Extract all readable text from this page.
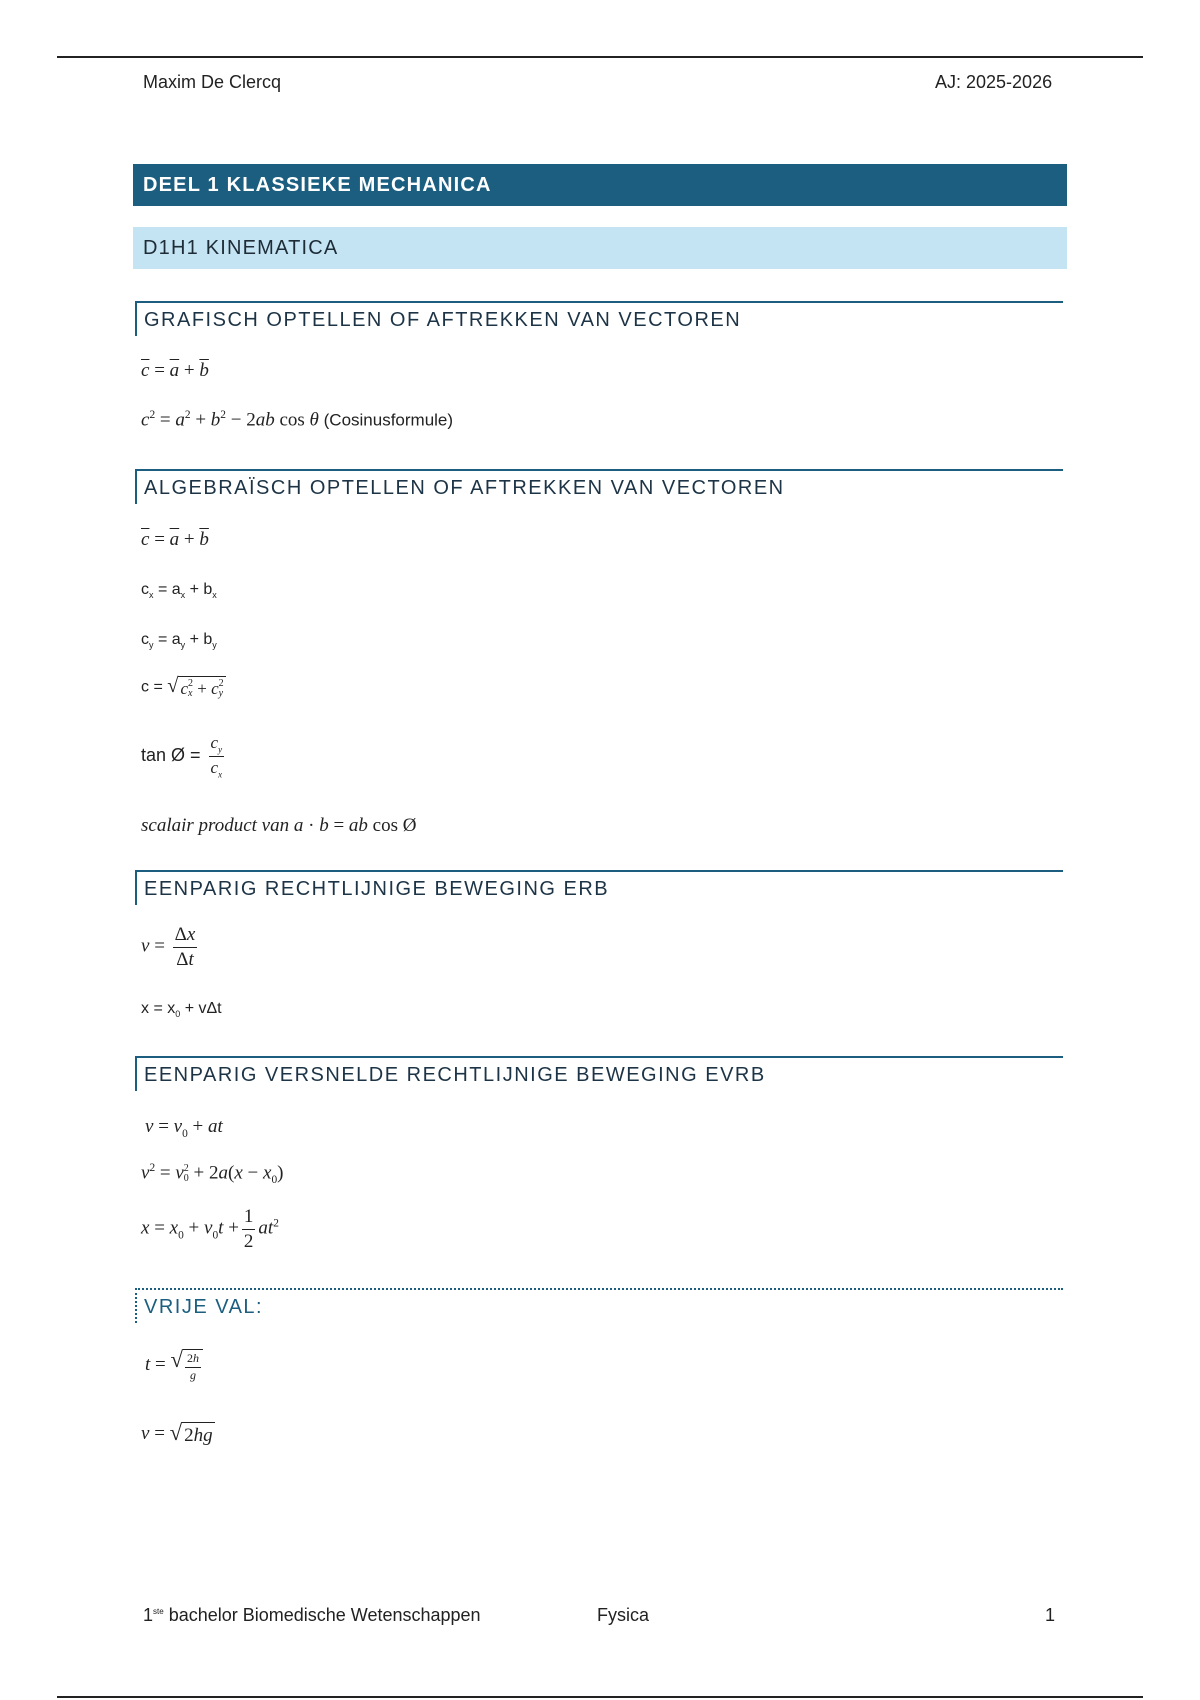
Maxim De Clercq	AJ: 2025-2026
DEEL 1 KLASSIEKE MECHANICA
D1H1 KINEMATICA
GRAFISCH OPTELLEN OF AFTREKKEN VAN VECTOREN
$\overline{c} = \overline{a} + \overline{b}$
$c^2 = a^2 + b^2 - 2ab$ cos θ (Cosinusformule)
ALGEBRAÏSCH OPTELLEN OF AFTREKKEN VAN VECTOREN
$\overline{c} = \overline{a} + \overline{b}$
$c_x = a_x + b_x$
$c_y = a_y + b_y$
c = √ c 2
x + c 2
y
tan Ø = $\frac{c_y}{c_x}$
scalair product van a · b = ab cos Ø
EENPARIG RECHTLIJNIGE BEWEGING ERB
$v = \frac{\Delta x}{\Delta t}$
$x = x_0 + v\Delta t$
EENPARIG VERSNELDE RECHTLIJNIGE BEWEGING EVRB
$v = v_0$ + at
$v^2 = v$ 2
$0 + 2a(x - x_0)$
$x = x_0 + v_0t + \frac{1}{2} at^2$
VRIJE VAL:
t = √ $\frac{2h}{g}$
v = √ 2 hg
1ste bachelor Biomedische Wetenschappen	Fysica	1
